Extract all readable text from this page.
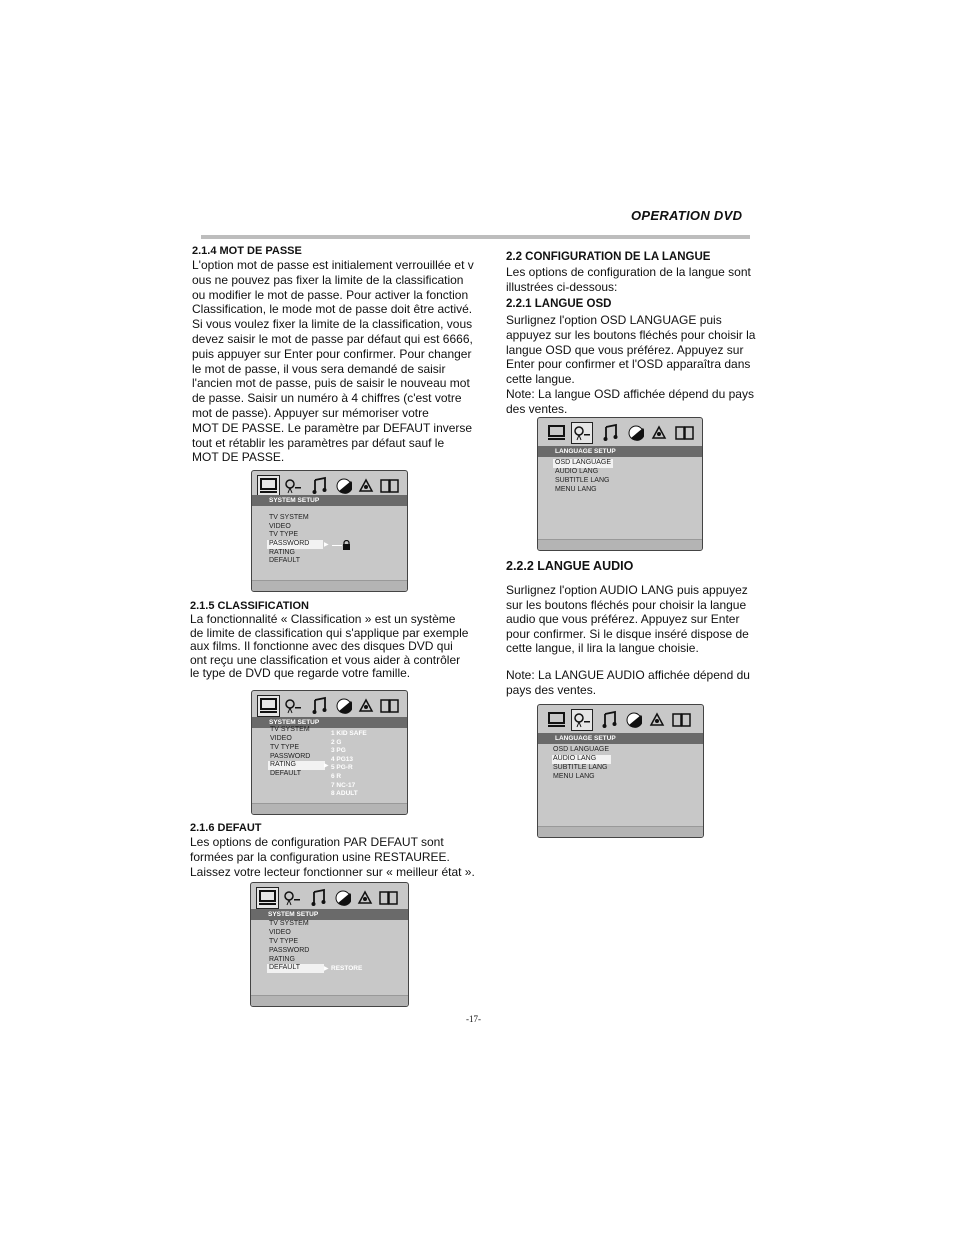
OPERATION DVD
2.1.4 MOT DE PASSE
L'option mot de passe est initialement verrouillée et v
ous ne pouvez pas fixer la limite de la classification
ou modifier le mot de passe. Pour activer la fonction
Classification, le mode mot de passe doit être activé.
Si vous voulez fixer la limite de la classification, vous
devez saisir le mot de passe par défaut qui est 6666,
puis appuyer sur Enter pour confirmer. Pour changer
le mot de passe, il vous sera demandé de saisir
l'ancien mot de passe, puis de saisir le nouveau mot
de passe. Saisir un numéro à 4 chiffres (c'est votre
mot de passe). Appuyer sur mémoriser votre
MOT DE PASSE. Le paramètre par DEFAUT inverse
tout et rétablir les paramètres par défaut sauf le
MOT DE PASSE.
SYSTEM SETUP
TV SYSTEM
VIDEO
TV TYPE
PASSWORD	▶
RATING
DEFAULT
2.1.5 CLASSIFICATION
La fonctionnalité « Classification » est un système
de limite de classification qui s'applique par exemple
aux films. Il fonctionne avec des disques DVD qui
ont reçu une classification et vous aider à contrôler
le type de DVD que regarde votre famille.
SYSTEM SETUP
TV SYSTEM
VIDEO
TV TYPE
PASSWORD
RATING	▶
DEFAULT
1 KID SAFE
2 G
3 PG
4 PG13
5 PG-R
6 R
7 NC-17
8 ADULT
2.1.6 DEFAUT
Les options de configuration PAR DEFAUT sont
formées par la configuration usine RESTAUREE.
Laissez votre lecteur fonctionner sur « meilleur état ».
SYSTEM SETUP
TV SYSTEM
VIDEO
TV TYPE
PASSWORD
RATING
DEFAULT	▶ RESTORE
2.2 CONFIGURATION DE LA LANGUE
Les options de configuration de la langue sont
illustrées ci-dessous:
2.2.1 LANGUE OSD
Surlignez l'option OSD LANGUAGE puis
appuyez sur les boutons fléchés pour choisir la
langue OSD que vous préférez. Appuyez sur
Enter pour confirmer et l'OSD apparaîtra dans
cette langue.
Note: La langue OSD affichée dépend du pays
des ventes.
LANGUAGE SETUP
OSD LANGUAGE
AUDIO LANG
SUBTITLE LANG
MENU LANG
2.2.2 LANGUE AUDIO
Surlignez l'option AUDIO LANG puis appuyez
sur les boutons fléchés pour choisir la langue
audio que vous préférez. Appuyez sur Enter
pour confirmer. Si le disque inséré dispose de
cette langue, il lira la langue choisie.
Note: La LANGUE AUDIO affichée dépend du
pays des ventes.
LANGUAGE SETUP
OSD LANGUAGE
AUDIO LANG
SUBTITLE LANG
MENU LANG
-17-
